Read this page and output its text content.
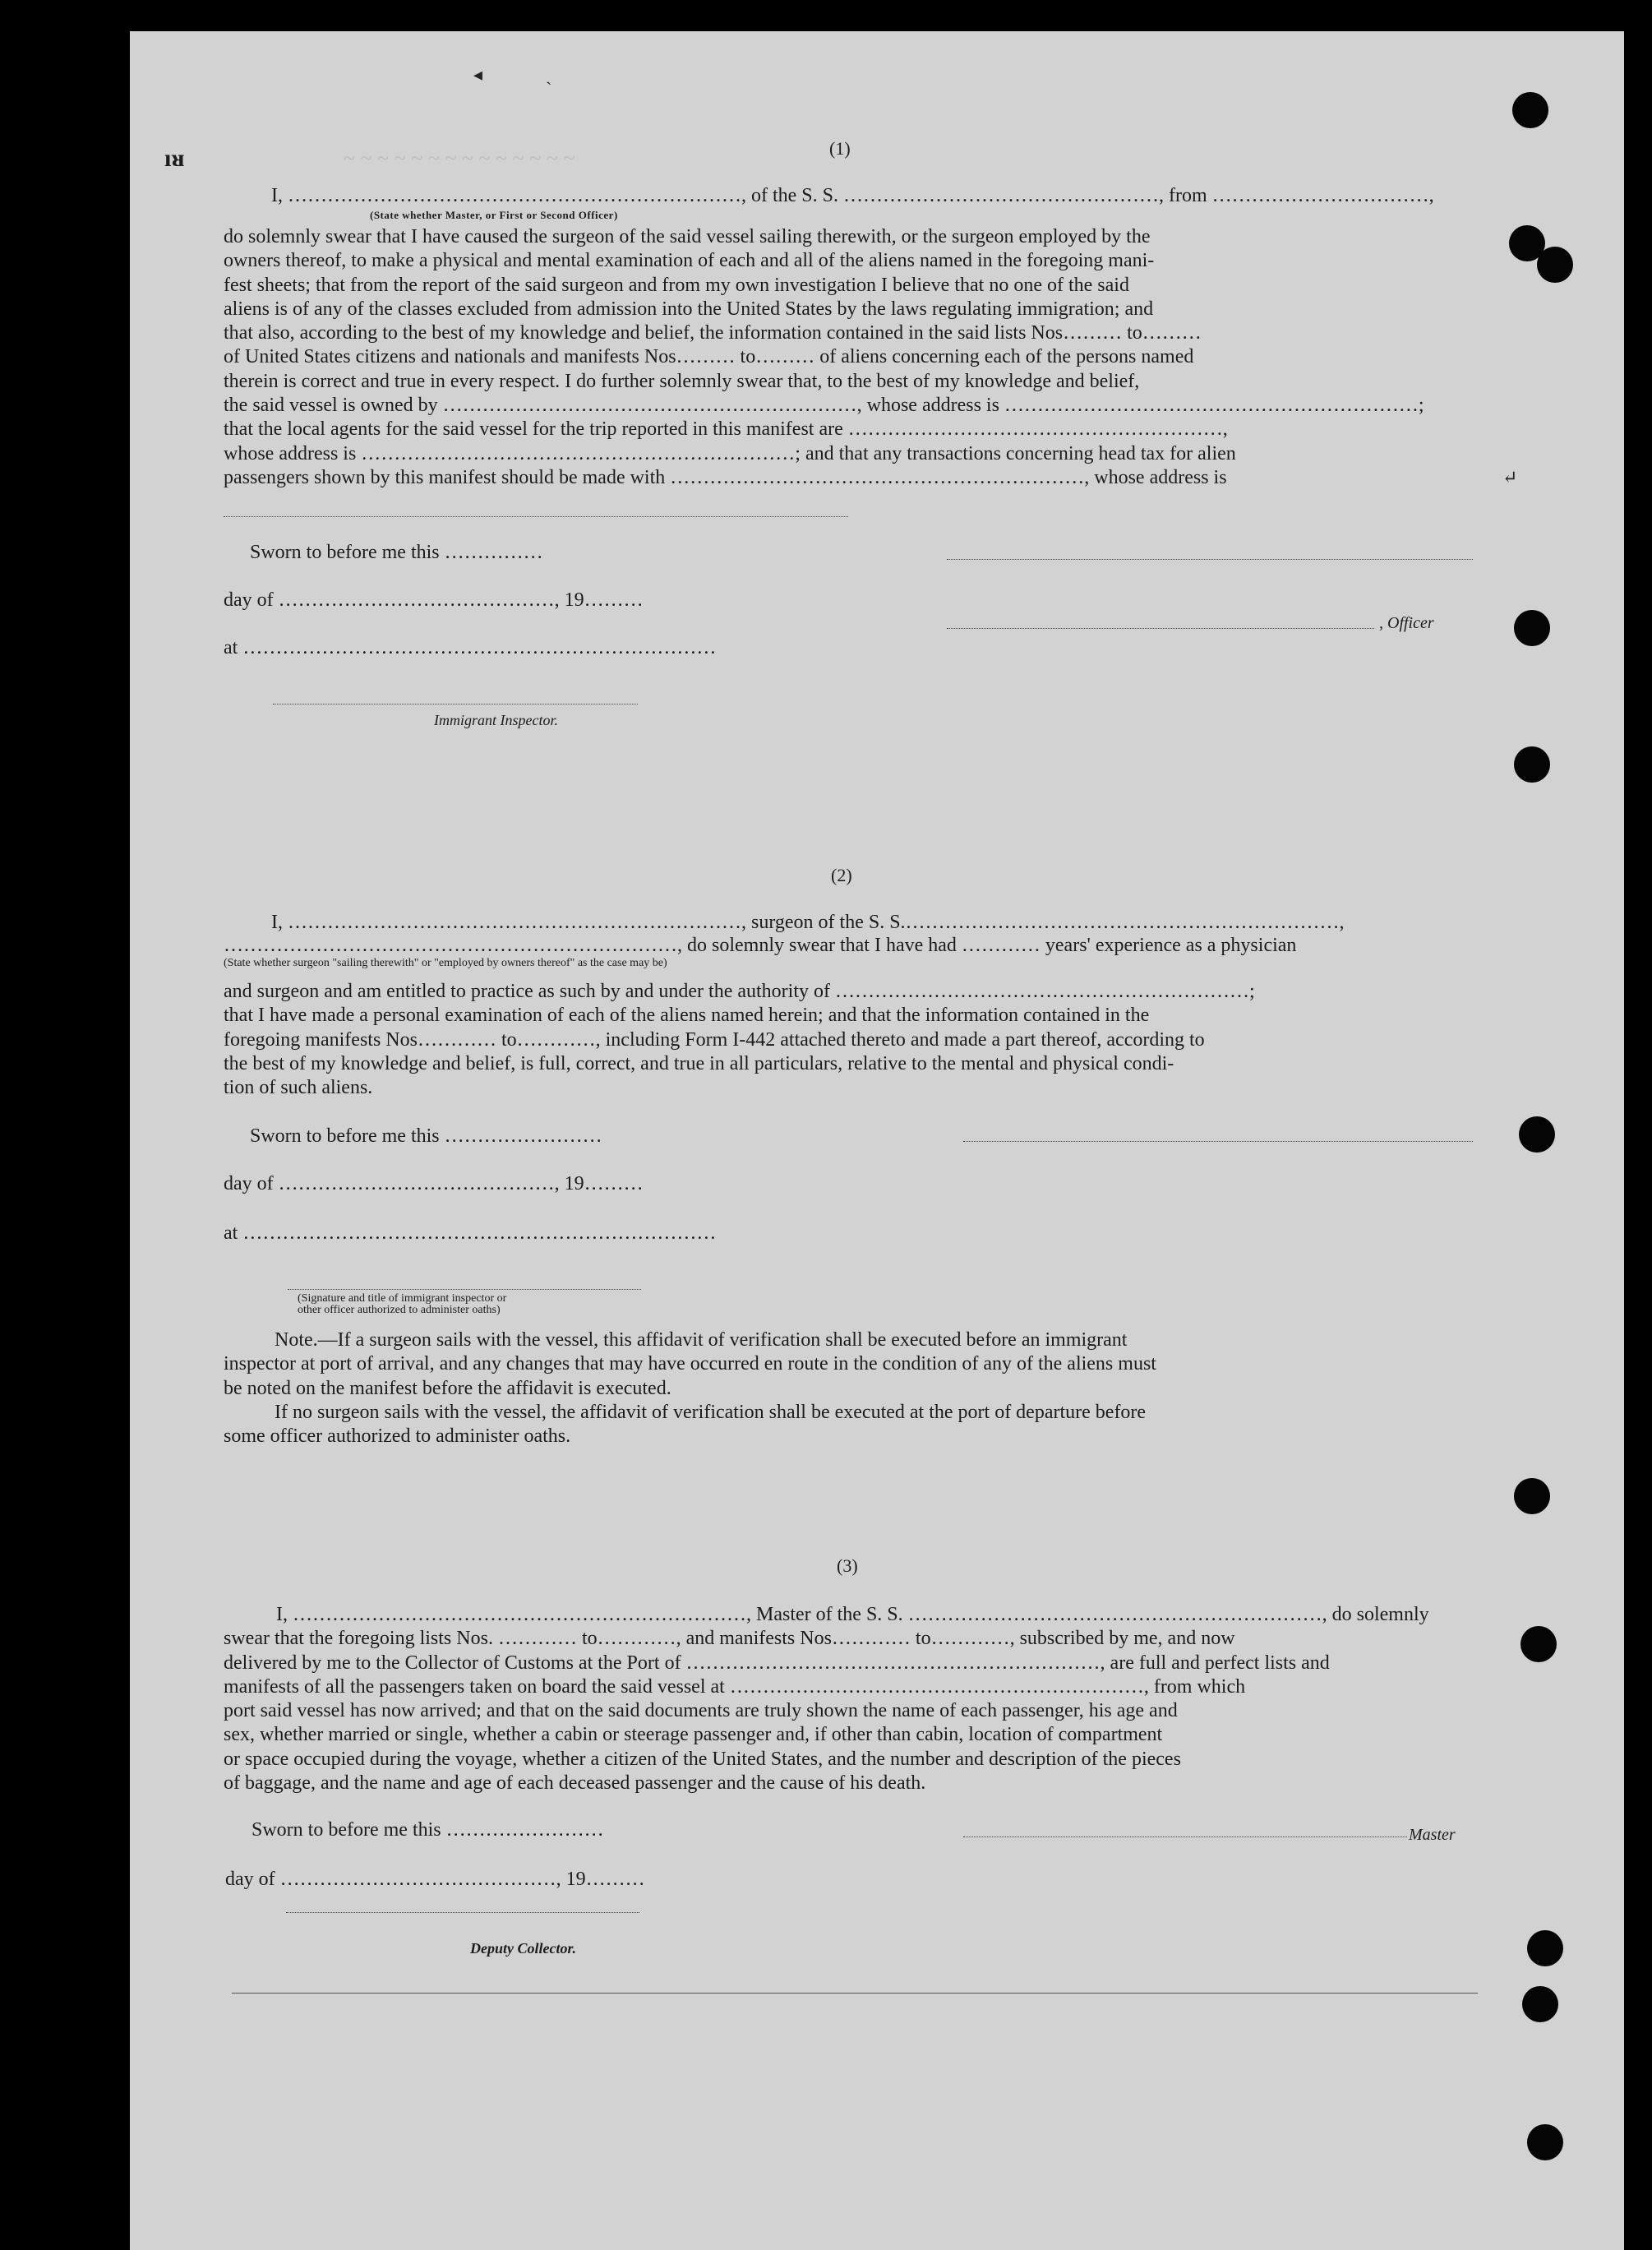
~ ~ ~ ~ ~ ~ ~ ~ ~ ~ ~ ~ ~ ~
◂              ˎ
↵
ıᴚ	(1)
I, ……………………………………………………………, of the S. S. …………………………………………, from ……………………………,
(State whether Master, or First or Second Officer)
do solemnly swear that I have caused the surgeon of the said vessel sailing therewith, or the surgeon employed by the
owners thereof, to make a physical and mental examination of each and all of the aliens named in the foregoing mani-
fest sheets; that from the report of the said surgeon and from my own investigation I believe that no one of the said
aliens is of any of the classes excluded from admission into the United States by the laws regulating immigration; and
that also, according to the best of my knowledge and belief, the information contained in the said lists Nos……… to………
of United States citizens and nationals and manifests Nos……… to……… of aliens concerning each of the persons named
therein is correct and true in every respect. I do further solemnly swear that, to the best of my knowledge and belief,
the said vessel is owned by ………………………………………………………, whose address is ………………………………………………………;
that the local agents for the said vessel for the trip reported in this manifest are …………………………………………………,
whose address is …………………………………………………………; and that any transactions concerning head tax for alien
passengers shown by this manifest should be made with ………………………………………………………, whose address is
Sworn to before me this ……………
day of ……………………………………, 19………
, Officer
at ………………………………………………………………
Immigrant Inspector.
(2)
I, ……………………………………………………………, surgeon of the S. S.…………………………………………………………,
……………………………………………………………, do solemnly swear that I have had ………… years' experience as a physician
(State whether surgeon "sailing therewith" or "employed by owners thereof" as the case may be)
and surgeon and am entitled to practice as such by and under the authority of ………………………………………………………;
that I have made a personal examination of each of the aliens named herein; and that the information contained in the
foregoing manifests Nos………… to…………, including Form I-442 attached thereto and made a part thereof, according to
the best of my knowledge and belief, is full, correct, and true in all particulars, relative to the mental and physical condi-
tion of such aliens.
Sworn to before me this ……………………
day of ……………………………………, 19………
at ………………………………………………………………
(Signature and title of immigrant inspector or
other officer authorized to administer oaths)
Note.—If a surgeon sails with the vessel, this affidavit of verification shall be executed before an immigrant
inspector at port of arrival, and any changes that may have occurred en route in the condition of any of the aliens must
be noted on the manifest before the affidavit is executed.
If no surgeon sails with the vessel, the affidavit of verification shall be executed at the port of departure before
some officer authorized to administer oaths.
(3)
I, ……………………………………………………………, Master of the S. S. ………………………………………………………, do solemnly
swear that the foregoing lists Nos. ………… to…………, and manifests Nos………… to…………, subscribed by me, and now
delivered by me to the Collector of Customs at the Port of ………………………………………………………, are full and perfect lists and
manifests of all the passengers taken on board the said vessel at ………………………………………………………, from which
port said vessel has now arrived; and that on the said documents are truly shown the name of each passenger, his age and
sex, whether married or single, whether a cabin or steerage passenger and, if other than cabin, location of compartment
or space occupied during the voyage, whether a citizen of the United States, and the number and description of the pieces
of baggage, and the name and age of each deceased passenger and the cause of his death.
Sworn to before me this ……………………	Master
day of ……………………………………, 19………
Deputy Collector.
